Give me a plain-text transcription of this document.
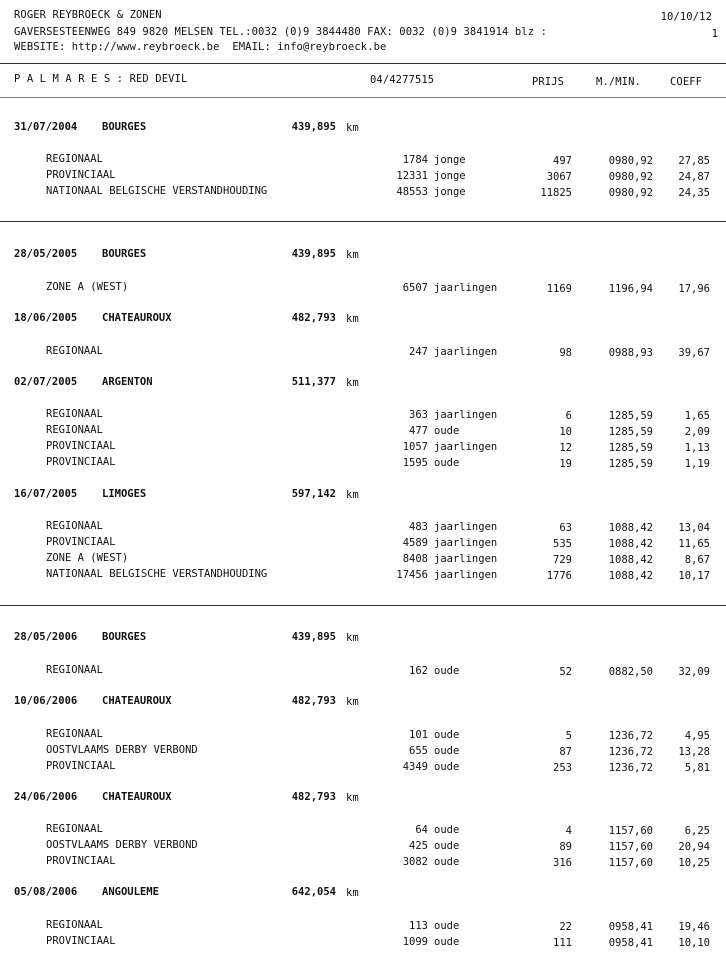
ROGER REYBROECK & ZONEN	10/10/12
GAVERSESTEENWEG 849 9820 MELSEN TEL.:0032 (0)9 3844480 FAX: 0032 (0)9 3841914 blz :	1
WEBSITE: http://www.reybroeck.be  EMAIL: info@reybroeck.be
P A L M A R E S : RED DEVIL	04/4277515	PRIJS	M./MIN.	COEFF
31/07/2004 BOURGES	439,895 km
REGIONAAL	1784 jonge	497	0980,92	27,85
PROVINCIAAL	12331 jonge	3067	0980,92	24,87
NATIONAAL BELGISCHE VERSTANDHOUDING	48553 jonge	11825	0980,92	24,35
28/05/2005 BOURGES	439,895 km
ZONE A (WEST)	6507 jaarlingen	1169	1196,94	17,96
18/06/2005 CHATEAUROUX	482,793 km
REGIONAAL	247 jaarlingen	98	0988,93	39,67
02/07/2005 ARGENTON	511,377 km
REGIONAAL	363 jaarlingen	6	1285,59	1,65
REGIONAAL	477 oude	10	1285,59	2,09
PROVINCIAAL	1057 jaarlingen	12	1285,59	1,13
PROVINCIAAL	1595 oude	19	1285,59	1,19
16/07/2005 LIMOGES	597,142 km
REGIONAAL	483 jaarlingen	63	1088,42	13,04
PROVINCIAAL	4589 jaarlingen	535	1088,42	11,65
ZONE A (WEST)	8408 jaarlingen	729	1088,42	8,67
NATIONAAL BELGISCHE VERSTANDHOUDING	17456 jaarlingen	1776	1088,42	10,17
28/05/2006 BOURGES	439,895 km
REGIONAAL	162 oude	52	0882,50	32,09
10/06/2006 CHATEAUROUX	482,793 km
REGIONAAL	101 oude	5	1236,72	4,95
OOSTVLAAMS DERBY VERBOND	655 oude	87	1236,72	13,28
PROVINCIAAL	4349 oude	253	1236,72	5,81
24/06/2006 CHATEAUROUX	482,793 km
REGIONAAL	64 oude	4	1157,60	6,25
OOSTVLAAMS DERBY VERBOND	425 oude	89	1157,60	20,94
PROVINCIAAL	3082 oude	316	1157,60	10,25
05/08/2006 ANGOULEME	642,054 km
REGIONAAL	113 oude	22	0958,41	19,46
PROVINCIAAL	1099 oude	111	0958,41	10,10
